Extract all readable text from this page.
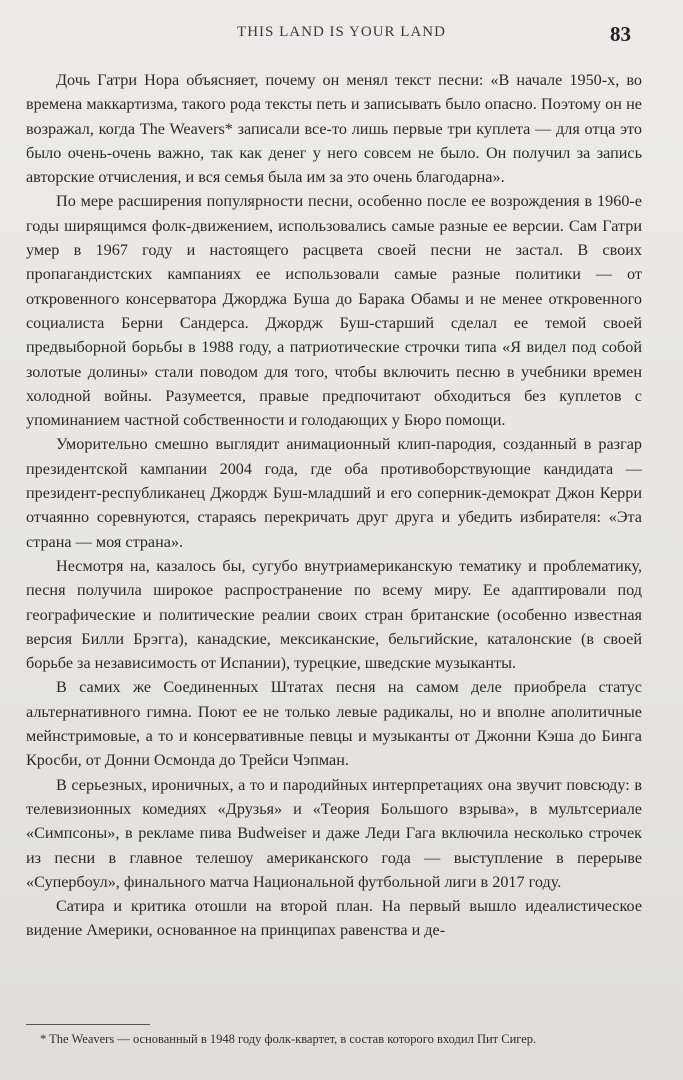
THIS LAND IS YOUR LAND	83

Дочь Гатри Нора объясняет, почему он менял текст песни: «В начале 1950-х, во времена маккартизма, такого рода тексты петь и записывать было опасно. Поэтому он не возражал, когда The Weavers* записали все-то лишь первые три куплета — для отца это было очень-очень важно, так как денег у него совсем не было. Он получил за запись авторские отчисления, и вся семья была им за это очень благодарна».

По мере расширения популярности песни, особенно после ее возрождения в 1960-е годы ширящимся фолк-движением, использовались самые разные ее версии. Сам Гатри умер в 1967 году и настоящего расцвета своей песни не застал. В своих пропагандистских кампаниях ее использовали самые разные политики — от откровенного консерватора Джорджа Буша до Барака Обамы и не менее откровенного социалиста Берни Сандерса. Джордж Буш-старший сделал ее темой своей предвыборной борьбы в 1988 году, а патриотические строчки типа «Я видел под собой золотые долины» стали поводом для того, чтобы включить песню в учебники времен холодной войны. Разумеется, правые предпочитают обходиться без куплетов с упоминанием частной собственности и голодающих у Бюро помощи.

Уморительно смешно выглядит анимационный клип-пародия, созданный в разгар президентской кампании 2004 года, где оба противоборствующие кандидата — президент-республиканец Джордж Буш-младший и его соперник-демократ Джон Керри отчаянно соревнуются, стараясь перекричать друг друга и убедить избирателя: «Эта страна — моя страна».

Несмотря на, казалось бы, сугубо внутриамериканскую тематику и проблематику, песня получила широкое распространение по всему миру. Ее адаптировали под географические и политические реалии своих стран британские (особенно известная версия Билли Брэгга), канадские, мексиканские, бельгийские, каталонские (в своей борьбе за независимость от Испании), турецкие, шведские музыканты.

В самих же Соединенных Штатах песня на самом деле приобрела статус альтернативного гимна. Поют ее не только левые радикалы, но и вполне аполитичные мейнстримовые, а то и консервативные певцы и музыканты от Джонни Кэша до Бинга Кросби, от Донни Осмонда до Трейси Чэпман.

В серьезных, ироничных, а то и пародийных интерпретациях она звучит повсюду: в телевизионных комедиях «Друзья» и «Теория Большого взрыва», в мультсериале «Симпсоны», в рекламе пива Budweiser и даже Леди Гага включила несколько строчек из песни в главное телешоу американского года — выступление в перерыве «Супербоул», финального матча Национальной футбольной лиги в 2017 году.

Сатира и критика отошли на второй план. На первый вышло идеалистическое видение Америки, основанное на принципах равенства и де-

* The Weavers — основанный в 1948 году фолк-квартет, в состав которого входил Пит Сигер.
